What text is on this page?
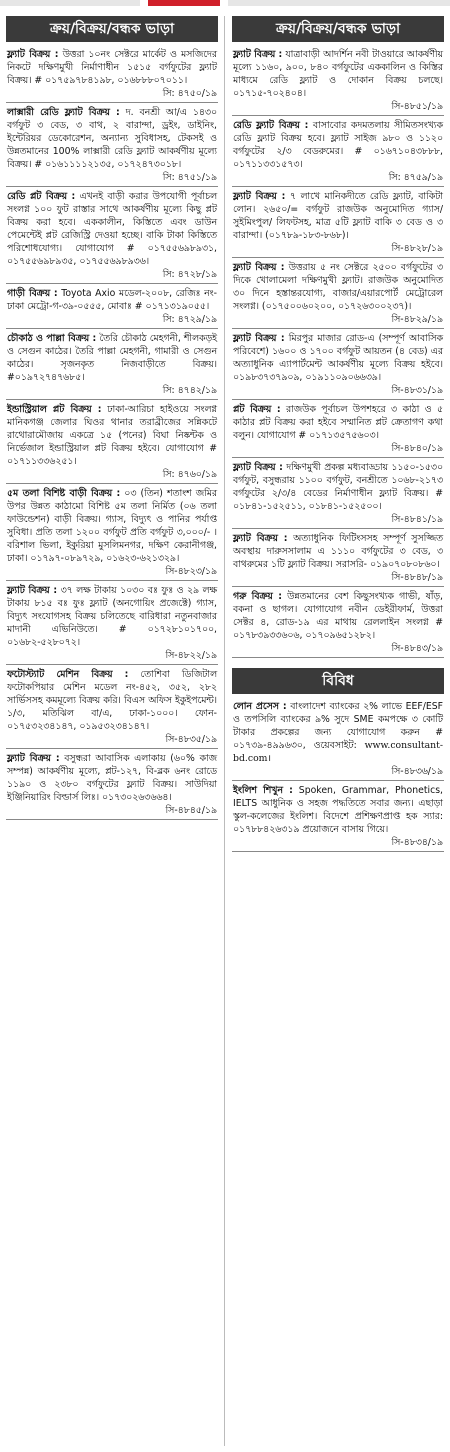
ক্রয়/বিক্রয়/বন্ধক ভাড়া
ফ্ল্যাট বিক্রয় : উত্তরা ১০নং সেক্টরে মার্কেট ও মসজিদের নিকটে দক্ষিণমুখী নির্মাণাধীন ১৫১৫ বর্গফুটের ফ্ল্যাট বিক্রয়। # ০১৭৫৯৭৮৪১৯৮, ০১৬৮৮৮০৭০১১।
সি: ৪৭৫০/১৯
লাক্সারী রেডি ফ্ল্যাট বিক্রয় : দ. বনশ্রী আ/এ ১৪৩০ বর্গফুট ৩ বেড, ৩ বাথ, ২ বারান্দা, ড্রইং, ডাইনিং, ইন্টেরিয়র ডেকোরেশন, অন্যান্য সুবিধাসহ, টেকসই ও উন্নতমানের 100% লাক্সারী রেডি ফ্ল্যাট আকর্ষণীয় মূল্যে বিক্রয়। # ০১৬১১১১২১৩৫, ০১৭২৪৭৩০১৮।
সি: ৪৭৫১/১৯
রেডি প্লট বিক্রয় : এখনই বাড়ী করার উপযোগী পূর্বাচল সংলগ্ন ১০০ ফুট রাস্তার সাথে আকর্ষণীয় মূল্যে কিছু প্লট বিক্রয় করা হবে। এককালীন, কিস্তিতে এবং ডাউন পেমেন্টেই প্লট রেজিস্ট্রি দেওয়া হচ্ছে। বাকি টাকা কিস্তিতে পরিশোধযোগ্য। যোগাযোগ # ০১৭৫৫৬৯৮৯৩১, ০১৭৫৫৬৯৮৯৩৫, ০১৭৫৫৬৯৮৯৩৬।
সি: ৪৭২৮/১৯
গাড়ী বিক্রয় : Toyota Axio মডেল-২০০৮, রেজিঃ নং-ঢাকা মেট্রো-গ-৩৯-০৫৫৫, মোবাঃ # ০১৭১৩১৯০৫৫।
সি: ৪৭২৯/১৯
চৌকাঠ ও পাল্লা বিক্রয় : তৈরি চৌকাঠ মেহগনী, শীলকড়ই ও সেগুন কাঠের। তৈরি পাল্লা মেহগনী, গামারী ও সেগুন কাঠের। সৃজনকৃত নিজবাড়ীতে বিক্রয়। #০১৯৭২৭৪৭৬৮৫।
সি: ৪৭৪২/১৯
ইন্ডাস্ট্রিয়াল প্লট বিক্রয় : ঢাকা-আরিচা হাইওয়ে সংলগ্ন মানিকগঞ্জ জেলার ঘিওর থানার তরাব্রীজের সন্নিকটে রাথোরামৌজায় একত্রে ১৫ (পনের) বিঘা নিষ্কন্টক ও নির্ভেজাল ইন্ডাস্ট্রিয়াল প্লট বিক্রয় হইবে। যোগাযোগ # ০১৭১১৩৩৬২৫১।
সি: ৪৭৬০/১৯
৫ম তলা বিশিষ্ট বাড়ী বিক্রয় : ০৩ (তিন) শতাংশ জমির উপর উন্নত কাঠামো বিশিষ্ট ৫ম তলা নির্মিত (০৬ তলা ফাউন্ডেশন) বাড়ী বিক্রয়। গ্যাস, বিদ্যুৎ ও পানির পর্যাপ্ত সুবিধা। প্রতি তলা ১২০০ বর্গফুট প্রতি বর্গফুট ৩,০০০/- । বরিশাল ভিলা, ইকুরিয়া মুসলিমনগর, দক্ষিণ কেরানীগঞ্জ, ঢাকা। ০১৭৯৭-০৮৯৭২৯, ০১৬২৩-৬২১৩২৯।
সি-৪৮২৩/১৯
ফ্ল্যাট বিক্রয় : ৩৭ লক্ষ টাকায় ১০৩০ বঃ ফুঃ ও ২৯ লক্ষ টাকায় ৮১৫ বঃ ফুঃ ফ্ল্যাট (অনগোয়িং প্রজেক্টে) গ্যাস, বিদ্যুৎ সংযোগসহ বিক্রয় চলিতেছে বারিধারা নতুনবাজার মাদানী এভিনিউতে। # ০১৭২৮১০১৭০০, ০১৬৮২-৫২৮০৭২।
সি-৪৮২২/১৯
ফটোস্ট্যাট মেশিন বিক্রয় : তোশিবা ডিজিটাল ফটোকপিয়ার মেশিন মডেল নং-৪৫২, ৩৫২, ২৮২ সার্ভিসসহ কমমূল্যে বিক্রয় করি। বিএস অফিস ইকুইপমেন্ট। ১/৩, মতিঝিল বা/এ, ঢাকা-১০০০। ফোন- ০১৭৫৩২৩৪১৪৭, ০১৯৫৩২৩৪১৪৭।
সি-৪৮৩৫/১৯
ফ্ল্যাট বিক্রয় : বসুন্ধরা আবাসিক এলাকায় (৬০% কাজ সম্পন্ন) আকর্ষণীয় মূল্যে, প্লট-১২৭, বি-ব্লক ৬নং রোডে ১১৯০ ও ২৩৮০ বর্গফুটের ফ্ল্যাট বিক্রয়। সাউদিয়া ইঞ্জিনিয়ারিং বিল্ডার্স লিঃ। ০১৭৩০২৬৩৬৬৪।
সি-৪৮৪৫/১৯
ক্রয়/বিক্রয়/বন্ধক ভাড়া
ফ্ল্যাট বিক্রয় : যাত্রাবাড়ী আদর্শিন নবী টাওয়ারে আকর্ষণীয় মূল্যে ১১৬০, ৯০০, ৮৪০ বর্গফুটের এককালিন ও কিস্তির মাধ্যমে রেডি ফ্ল্যাট ও দোকান বিক্রয় চলছে। ০১৭১৫-৭০২৪০৪।
সি-৪৮৫১/১৯
রেডি ফ্ল্যাট বিক্রয় : বাসাবোর কদমতলায় সীমিতসংখ্যক রেডি ফ্ল্যাট বিক্রয় হবে। ফ্ল্যাট সাইজ ৯৮০ ও ১১২০ বর্গফুটের ২/৩ বেডরুমের। # ০১৬৭১০৪৩৮৮৮, ০১৭১১৩৩১৫৭৩।
সি: ৪৭৫৯/১৯
ফ্ল্যাট বিক্রয় : ৭ লাখে মানিকদীতে রেডি ফ্ল্যাট, বাকিটা লোন। ২৬৫০/= বর্গফুট রাজউক অনুমোদিত গ্যাস/সুইমিংপুল/ লিফটসহ, মাত্র ৫টি ফ্ল্যাট বাকি ৩ বেড ও ৩ বারান্দা। (০১৭৮৯-১৮৩-৮৬৮)।
সি-৪৮২৮/১৯
ফ্ল্যাট বিক্রয় : উত্তরায় ৫ নং সেক্টরে ২৫০০ বর্গফুটের ৩ দিকে খোলামেলা দক্ষিণমুখী ফ্ল্যাট। রাজউক অনুমোদিত ৩০ দিনে হস্তান্তরযোগ্য, বাজার/এয়ারপোর্ট মেট্রোরেল সংলগ্ন। (০১৭৫০০৬০২০০, ০১৭২৬৩০০২৩৭)।
সি-৪৮২৯/১৯
ফ্ল্যাট বিক্রয় : মিরপুর মাজার রোড-এ (সম্পূর্ণ আবাসিক পরিবেশে) ১৬০০ ও ১৭০০ বর্গফুট আয়তন (৪ বেড) এর অত্যাধুনিক এ্যাপার্টমেন্ট আকর্ষণীয় মূল্যে বিক্রয় হইবে। ০১৯৮৩৭৩৭৯০৯, ০১৯১১০৯০৬৬৩৯।
সি-৪৮৩১/১৯
প্লট বিক্রয় : রাজউক পূর্বাচল উপশহরে ৩ কাঠা ও ৫ কাঠার প্লট বিক্রয় করা হইবে সম্মানিত প্লট ক্রেতাগণ কথা বলুন। যোগাযোগ # ০১৭১৩৫৭৫৬০৩।
সি-৪৮৪০/১৯
ফ্ল্যাট বিক্রয় : দক্ষিণমুখী প্রকল্প মধ্যবাড্ডায় ১১৫০-১৫৩০ বর্গফুট, বসুন্ধরায় ১১০০ বর্গফুট, বনশ্রীতে ১০৬৮-২১৭৩ বর্গফুটের ২/৩/৪ বেডের নির্মাণাধীন ফ্ল্যাট বিক্রয়। # ০১৮৪১-১৫২৫১১, ০১৮৪১-১৫২৫০০।
সি-৪৮৪১/১৯
ফ্ল্যাট বিক্রয় : অত্যাধুনিক ফিটিংসসহ সম্পূর্ণ সুসজ্জিত অবস্থায় দারুসসালাম এ ১১১০ বর্গফুটের ৩ বেড, ৩ বাথরুমের ১টি ফ্ল্যাট বিক্রয়। সরাসরি- ০১৯০৭০৮০৮৬০।
সি-৪৮৪৮/১৯
গরু বিক্রয় : উন্নতমানের বেশ কিছুসংখ্যক গাভী, ষাঁড়, বকনা ও ছাগল। যোগাযোগ নবীন ডেইরীফার্ম, উত্তরা সেক্টর ৪, রোড-১৯ এর মাথায় রেললাইন সংলগ্ন # ০১৭৮৩৯৩৩৬০৬, ০১৭০৯৬৫১২৮২।
সি-৪৮৪৩/১৯
বিবিধ
লোন প্রসেস : বাংলাদেশ ব্যাংকের ২% লাভে EEF/ESF ও তপসিলি ব্যাংকের ৯% সুদে SME কমপক্ষে ৩ কোটি টাকার প্রকল্পের জন্য যোগাযোগ করুন # ০১৭৩৯-৪৯৯৬৩০, ওয়েবসাইট: www.consultant-bd.com।
সি-৪৮৩৬/১৯
ইংলিশ শিখুন : Spoken, Grammar, Phonetics, IELTS আধুনিক ও সহজ পদ্ধতিতে সবার জন্য। এছাড়া স্কুল-কলেজের ইংলিশ। বিদেশে প্রশিক্ষণপ্রাপ্ত হক স্যার: ০১৭৮৮৪২৬৩১৯ প্রয়োজনে বাসায় গিয়ে।
সি-৪৮৩৪/১৯
